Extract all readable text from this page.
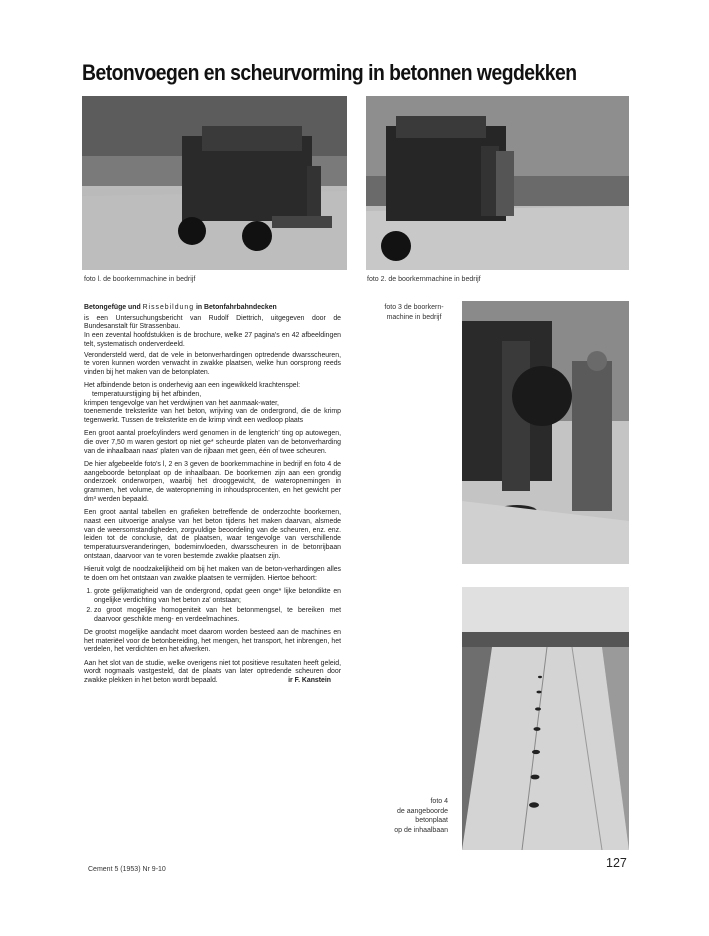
Betonvoegen en scheurvorming in betonnen wegdekken
foto l. de boorkernmachine in bedrijf	foto 2. de boorkernmachine in bedrijf
foto 3 de boorkern-
machine in bedrijf
foto 4
de aangeboorde
betonplaat
op de inhaalbaan

Betongefüge und Rissebildung in Betonfahrbahndecken

is een Untersuchungsbericht van Rudolf Diettrich, uitgegeven door de Bundesanstalt für Strassenbau.
In een zevental hoofdstukken is de brochure, welke 27 pagina's en 42 afbeeldingen telt, systematisch onderverdeeld.

Verondersteld werd, dat de vele in betonverhardingen optredende dwarsscheuren, te voren kunnen worden verwacht in zwakke plaatsen, welke hun oorsprong reeds vinden bij het maken van de betonplaten.

Het afbindende beton is onderhevig aan een ingewikkeld krachtenspel:
temperatuurstijging bij het afbinden,
krimpen tengevolge van het verdwijnen van het aanmaak-water,
toenemende treksterkte van het beton, wrijving van de ondergrond, die de krimp tegenwerkt. Tussen de treksterkte en de krimp vindt een wedloop plaats

Een groot aantal proefcylinders werd genomen in de lengterich' ting op autowegen, die over 7,50 m waren gestort op niet ge* scheurde platen van de betonverharding van de inhaalbaan naas' platen van de rijbaan met geen, één of twee scheuren.

De hier afgebeelde foto's l, 2 en 3 geven de boorkernmachine in bedrijf en foto 4 de aangeboorde betonplaat op de inhaalbaan. De boorkernen zijn aan een grondig onderzoek onderworpen, waarbij het drooggewicht, de wateropnemingen in grammen, het volume, de wateropneming in inhoudsprocenten, en het gewicht per dm³ werden bepaald.

Een groot aantal tabellen en grafieken betreffende de onderzochte boorkernen, naast een uitvoerige analyse van het beton tijdens het maken daarvan, alsmede van de weersomstandigheden, zorgvuldige beoordeling van de scheuren, enz. enz. leiden tot de conclusie, dat de plaatsen, waar tengevolge van verschillende temperatuursveranderingen, bodeminvloeden, dwarsscheuren in de betonrijbaan ontstaan, daarvoor van te voren bestemde zwakke plaatsen zijn.

Hieruit volgt de noodzakelijkheid om bij het maken van de beton-verhardingen alles te doen om het ontstaan van zwakke plaatsen te vermijden. Hiertoe behoort:

1. grote gelijkmatigheid van de ondergrond, opdat geen onge* lijke betondikte en ongelijke verdichting van het beton za' ontstaan;
2. zo groot mogelijke homogeniteit van het betonmengsel, te bereiken met daarvoor geschikte meng- en verdeelmachines.

De grootst mogelijke aandacht moet daarom worden besteed aan de machines en het materiëel voor de betonbereiding, het mengen, het transport, het inbrengen, het verdelen, het verdichten en het afwerken.

Aan het slot van de studie, welke overigens niet tot positieve resultaten heeft geleid, wordt nogmaals vastgesteld, dat de plaats van later optredende scheuren door zwakke plekken in het beton wordt bepaald.	ir F. Kanstein

Cement 5 (1953) Nr 9-10	127
